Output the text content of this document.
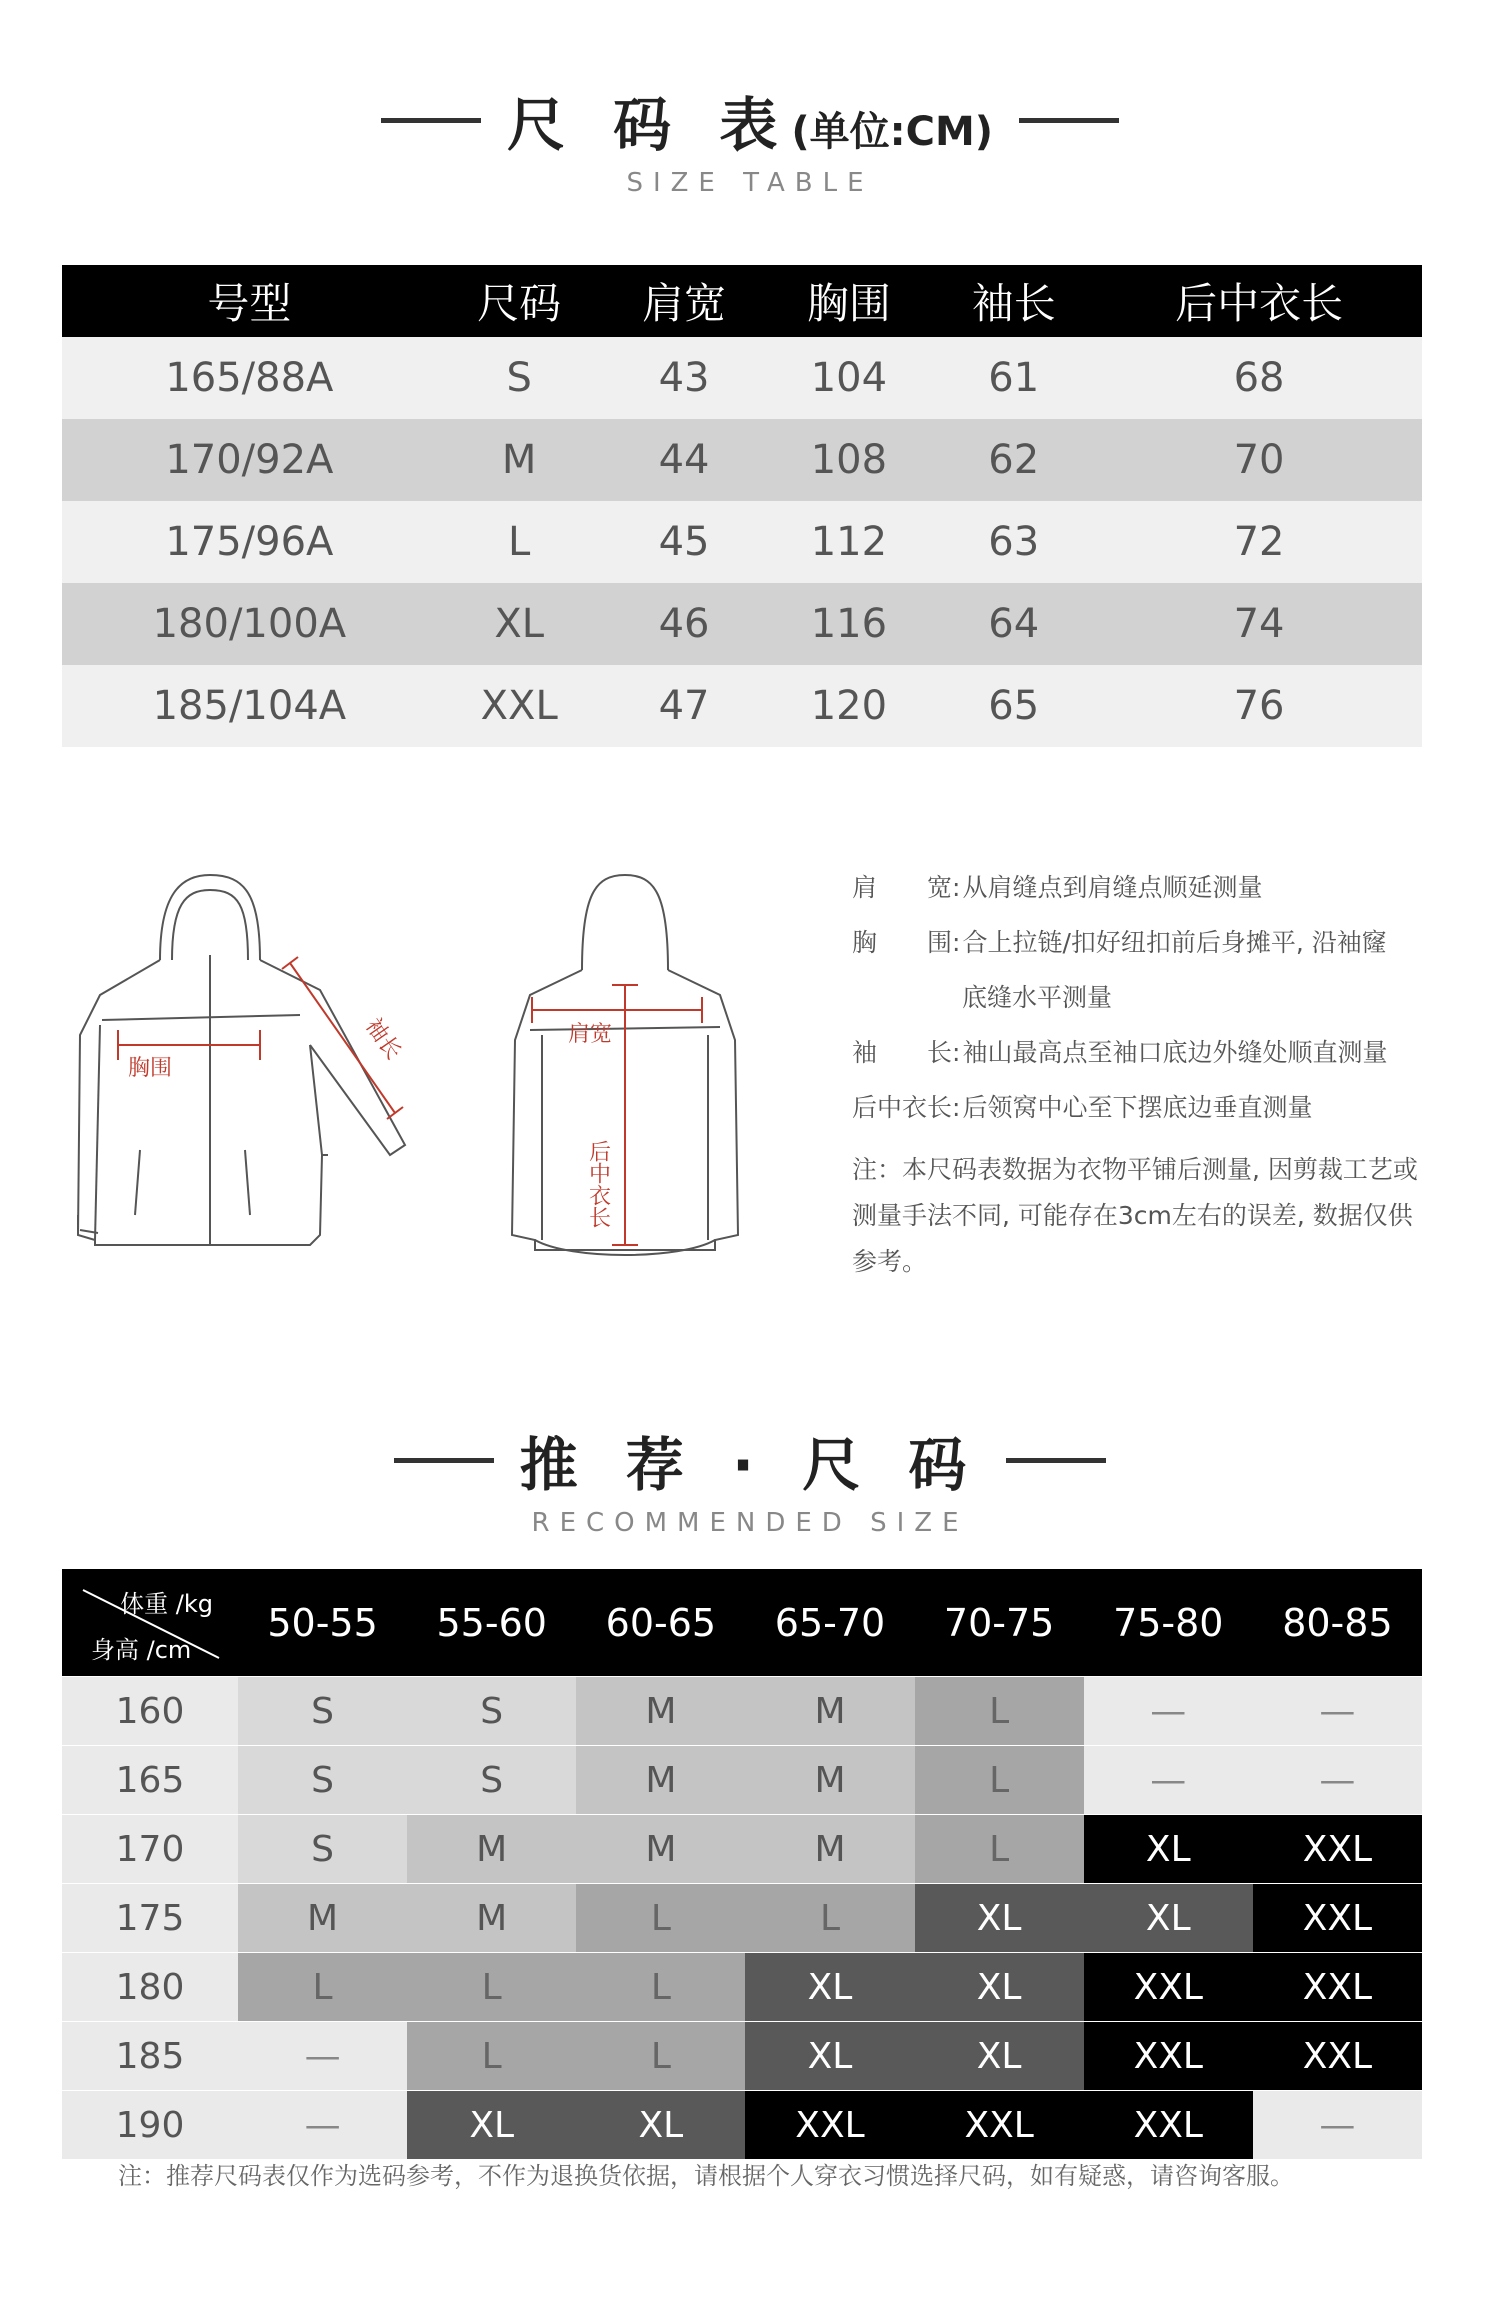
尺 码 表(单位:CM)
SIZE TABLE
号型	尺码	肩宽	胸围	袖长	后中衣长
165/88A	S	43	104	61	68
170/92A	M	44	108	62	70
175/96A	L	45	112	63	72
180/100A	XL	46	116	64	74
185/104A	XXL	47	120	65	76
胸围
袖长	肩宽
后中衣长
肩　　宽: 从肩缝点到肩缝点顺延测量
胸　　围: 合上拉链/扣好纽扣前后身摊平, 沿袖窿
底缝水平测量
袖　　长: 袖山最高点至袖口底边外缝处顺直测量
后中衣长: 后领窝中心至下摆底边垂直测量
注：本尺码表数据为衣物平铺后测量, 因剪裁工艺或测量手法不同, 可能存在3cm左右的误差, 数据仅供参考。
推 荐 · 尺 码
RECOMMENDED SIZE
体重 /kg
身高 /cm	50-55	55-60	60-65	65-70	70-75	75-80	80-85
160	S	S	M	M	L	—	—
165	S	S	M	M	L	—	—
170	S	M	M	M	L	XL	XXL
175	M	M	L	L	XL	XL	XXL
180	L	L	L	XL	XL	XXL	XXL
185	—	L	L	XL	XL	XXL	XXL
190	—	XL	XL	XXL	XXL	XXL	—
注：推荐尺码表仅作为选码参考，不作为退换货依据，请根据个人穿衣习惯选择尺码，如有疑惑，请咨询客服。
